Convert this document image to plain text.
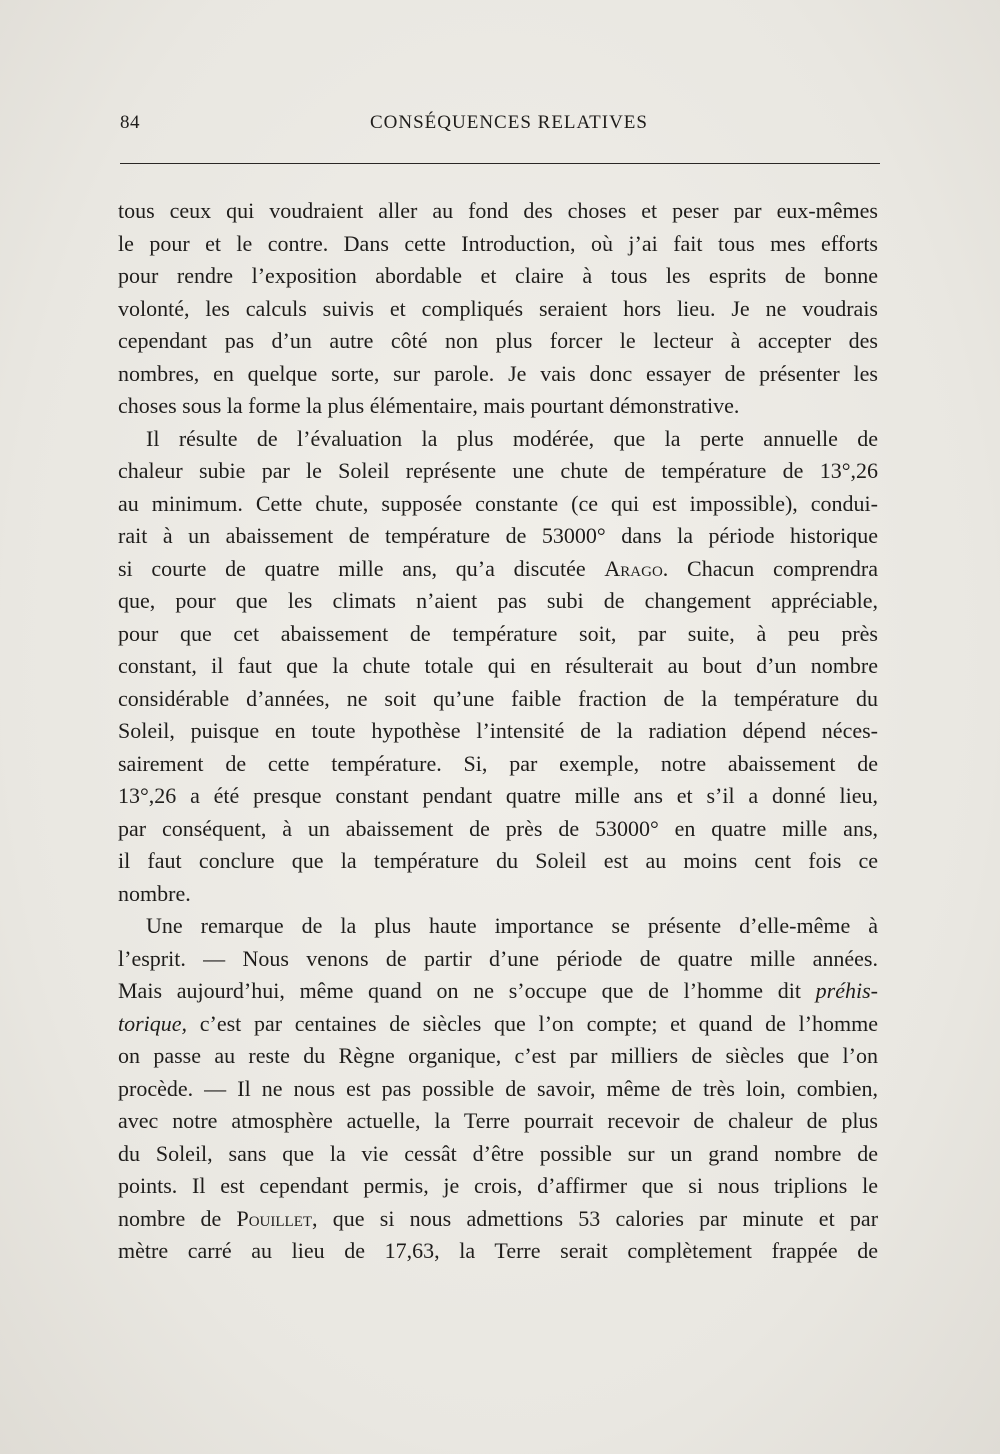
84	CONSÉQUENCES RELATIVES
tous ceux qui voudraient aller au fond des choses et peser par eux-mêmes
le pour et le contre. Dans cette Introduction, où j’ai fait tous mes efforts
pour rendre l’exposition abordable et claire à tous les esprits de bonne
volonté, les calculs suivis et compliqués seraient hors lieu. Je ne voudrais
cependant pas d’un autre côté non plus forcer le lecteur à accepter des
nombres, en quelque sorte, sur parole. Je vais donc essayer de présenter les
choses sous la forme la plus élémentaire, mais pourtant démonstrative.
Il résulte de l’évaluation la plus modérée, que la perte annuelle de
chaleur subie par le Soleil représente une chute de température de 13°,26
au minimum. Cette chute, supposée constante (ce qui est impossible), condui-
rait à un abaissement de température de 53000° dans la période historique
si courte de quatre mille ans, qu’a discutée Arago. Chacun comprendra
que, pour que les climats n’aient pas subi de changement appréciable,
pour que cet abaissement de température soit, par suite, à peu près
constant, il faut que la chute totale qui en résulterait au bout d’un nombre
considérable d’années, ne soit qu’une faible fraction de la température du
Soleil, puisque en toute hypothèse l’intensité de la radiation dépend néces-
sairement de cette température. Si, par exemple, notre abaissement de
13°,26 a été presque constant pendant quatre mille ans et s’il a donné lieu,
par conséquent, à un abaissement de près de 53000° en quatre mille ans,
il faut conclure que la température du Soleil est au moins cent fois ce
nombre.
Une remarque de la plus haute importance se présente d’elle-même à
l’esprit. — Nous venons de partir d’une période de quatre mille années.
Mais aujourd’hui, même quand on ne s’occupe que de l’homme dit préhis-
torique, c’est par centaines de siècles que l’on compte; et quand de l’homme
on passe au reste du Règne organique, c’est par milliers de siècles que l’on
procède. — Il ne nous est pas possible de savoir, même de très loin, combien,
avec notre atmosphère actuelle, la Terre pourrait recevoir de chaleur de plus
du Soleil, sans que la vie cessât d’être possible sur un grand nombre de
points. Il est cependant permis, je crois, d’affirmer que si nous triplions le
nombre de Pouillet, que si nous admettions 53 calories par minute et par
mètre carré au lieu de 17,63, la Terre serait complètement frappée de
